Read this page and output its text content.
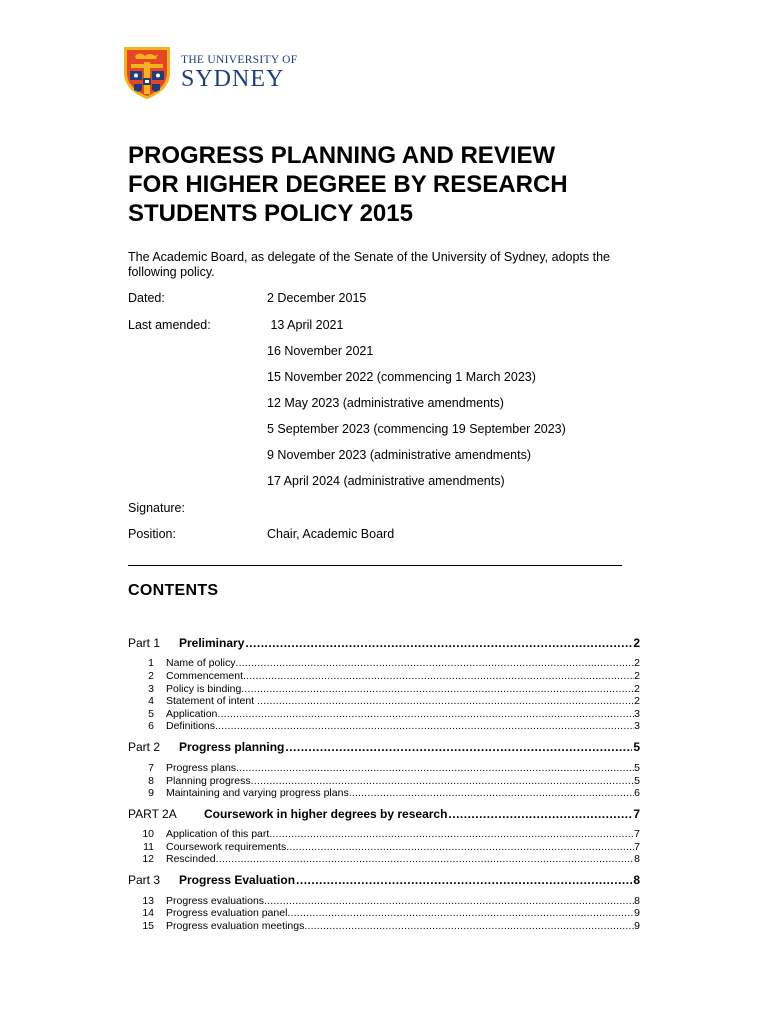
THE UNIVERSITY OF
SYDNEY
PROGRESS PLANNING AND REVIEW
FOR HIGHER DEGREE BY RESEARCH
STUDENTS POLICY 2015

The Academic Board, as delegate of the Senate of the University of Sydney, adopts the following policy.

Dated:	2 December 2015
Last amended:	13 April 2021
16 November 2021
15 November 2022 (commencing 1 March 2023)
12 May 2023 (administrative amendments)
5 September 2023 (commencing 19 September 2023)
9 November 2023 (administrative amendments)
17 April 2024 (administrative amendments)
Signature:
Position:	Chair, Academic Board
CONTENTS
Part 1	Preliminary .....	2
1 Name of policy .....	2
2 Commencement .....	2
3 Policy is binding .....	2
4 Statement of intent .....	2
5 Application .....	3
6 Definitions .....	3
Part 2	Progress planning .....	5
7 Progress plans .....	5
8 Planning progress .....	5
9 Maintaining and varying progress plans .....	6
PART 2A	Coursework in higher degrees by research .....	7
10 Application of this part .....	7
11 Coursework requirements .....	7
12 Rescinded .....	8
Part 3	Progress Evaluation .....	8
13 Progress evaluations .....	8
14 Progress evaluation panel .....	9
15 Progress evaluation meetings .....	9
